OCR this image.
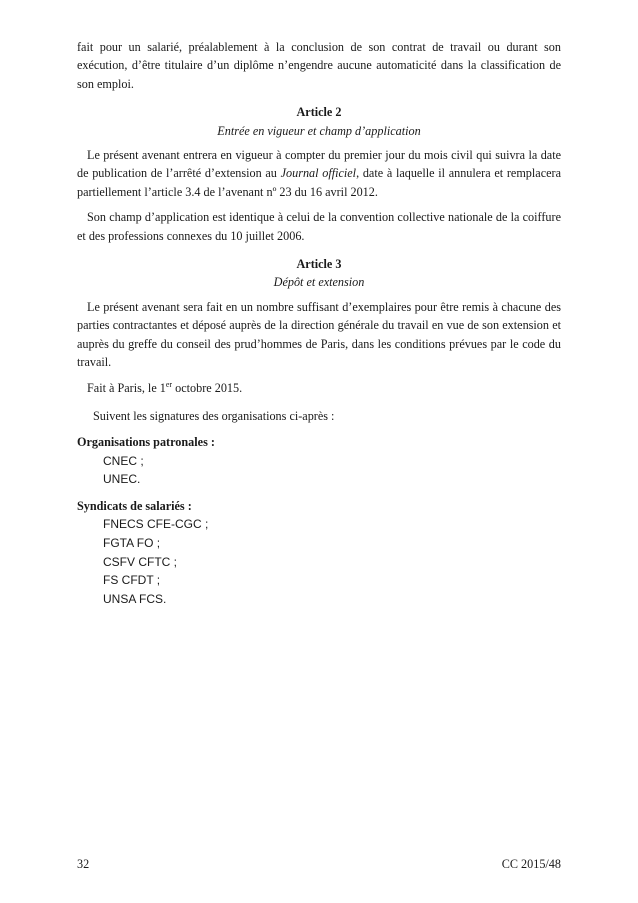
fait pour un salarié, préalablement à la conclusion de son contrat de travail ou durant son exécution, d’être titulaire d’un diplôme n’engendre aucune automaticité dans la classification de son emploi.

Article 2

Entrée en vigueur et champ d’application

Le présent avenant entrera en vigueur à compter du premier jour du mois civil qui suivra la date de publication de l’arrêté d’extension au Journal officiel, date à laquelle il annulera et remplacera partiellement l’article 3.4 de l’avenant nº 23 du 16 avril 2012.

Son champ d’application est identique à celui de la convention collective nationale de la coiffure et des professions connexes du 10 juillet 2006.

Article 3

Dépôt et extension

Le présent avenant sera fait en un nombre suffisant d’exemplaires pour être remis à chacune des parties contractantes et déposé auprès de la direction générale du travail en vue de son extension et auprès du greffe du conseil des prud’hommes de Paris, dans les conditions prévues par le code du travail.

Fait à Paris, le 1er octobre 2015.

Suivent les signatures des organisations ci-après :

Organisations patronales :

CNEC ;

UNEC.

Syndicats de salariés :

FNECS CFE-CGC ;

FGTA FO ;

CSFV CFTC ;

FS CFDT ;

UNSA FCS.

32	CC 2015/48
